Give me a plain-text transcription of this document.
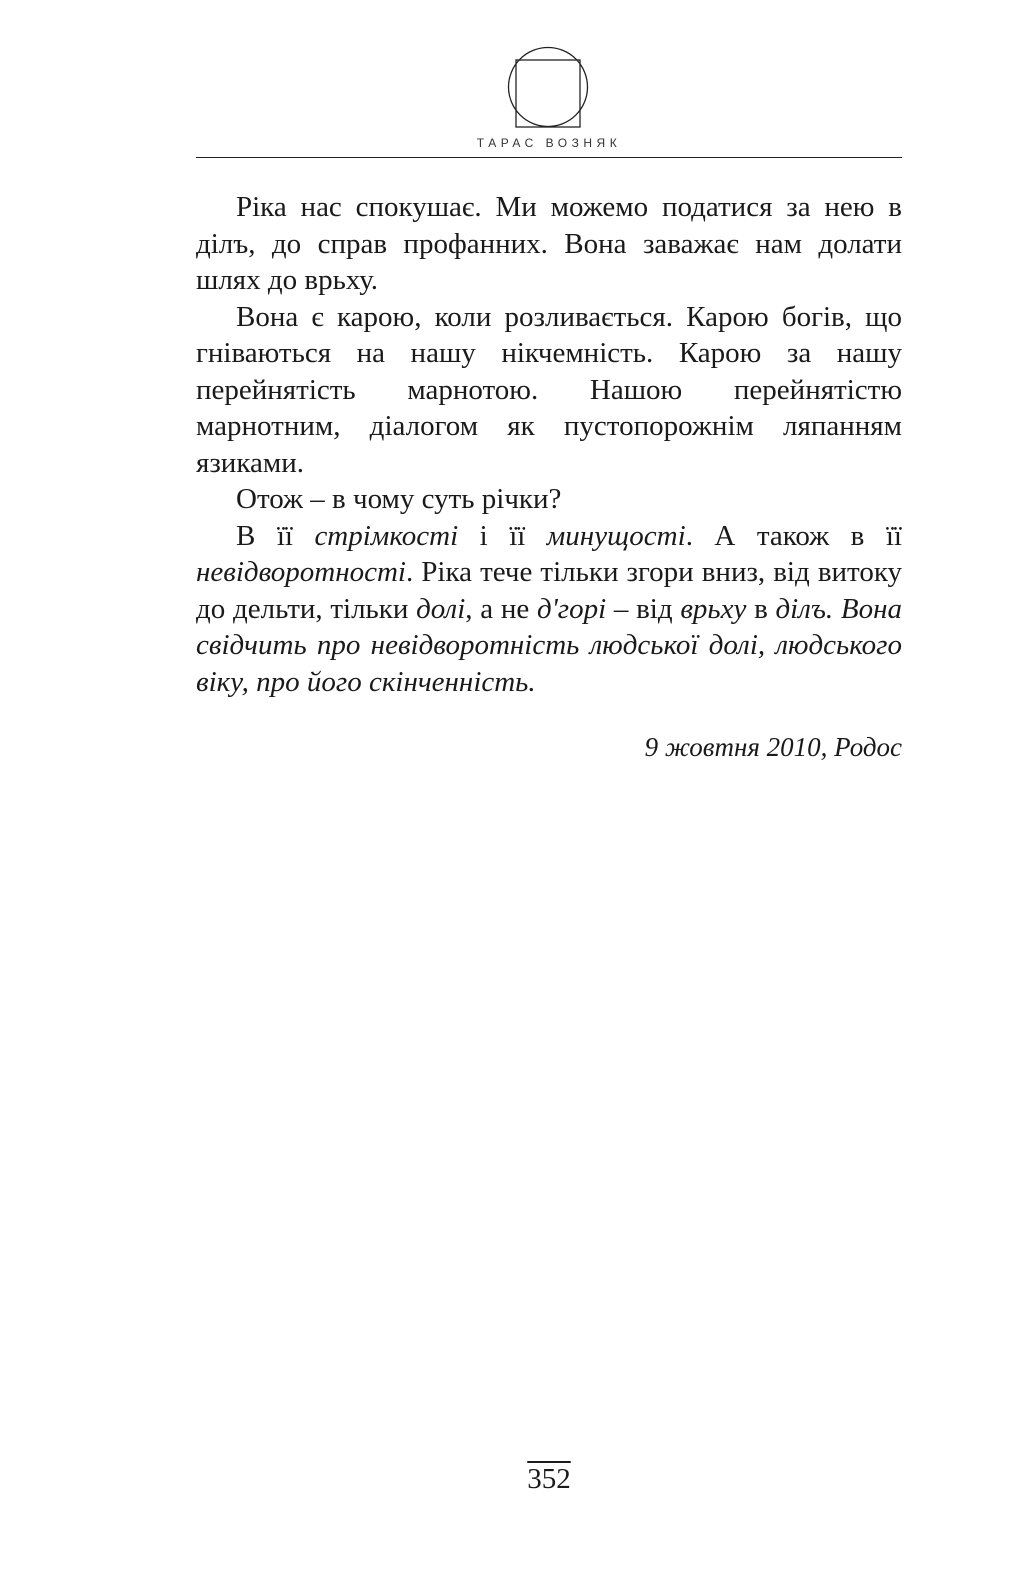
ТАРАС ВОЗНЯК

Ріка нас спокушає. Ми можемо податися за нею в дiлъ, до справ профанних. Вона заважає нам долати шлях до врьху.

Вона є карою, коли розливається. Карою богів, що гніваються на нашу нікчемність. Карою за нашу перейнятість марнотою. Нашою перейнятістю марнотним, діалогом як пустопорожнім ляпанням язиками.

Отож – в чому суть річки?

В її стрімкості і її минущості. А також в її невідворотності. Ріка тече тільки згори вниз, від витоку до дельти, тільки долі, а не д'горі – від врьху в дiлъ. Вона свідчить про невідворотність людської долі, людського віку, про його скінченність.

9 жовтня 2010, Родос
352
